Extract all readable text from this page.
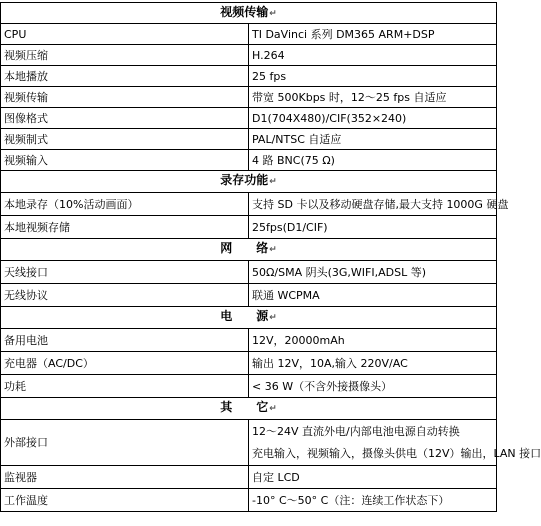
视频传输↵	
CPU	TI DaVinci 系列 DM365 ARM+DSP
视频压缩	H.264
本地播放	25 fps
视频传输	带宽 500Kbps 时，12～25 fps 自适应
图像格式	D1(704X480)/CIF(352×240)
视频制式	PAL/NTSC 自适应
视频输入	4 路 BNC(75 Ω)
录存功能↵	
本地录存（10%活动画面）	支持 SD 卡以及移动硬盘存储,最大支持 1000G 硬盘
本地视频存储	25fps(D1/CIF)
网　　络↵	
天线接口	50Ω/SMA 阴头(3G,WIFI,ADSL 等)
无线协议	联通 WCPMA
电　　源↵	
备用电池	12V，20000mAh
充电器（AC/DC）	输出 12V，10A,输入 220V/AC
功耗	< 36 W（不含外接摄像头）
其　　它↵	
外部接口	12～24V 直流外电/内部电池电源自动转换
充电输入，视频输入，摄像头供电（12V）输出，LAN 接口

监视器	自定 LCD
工作温度	-10° C～50° C（注：连续工作状态下）
